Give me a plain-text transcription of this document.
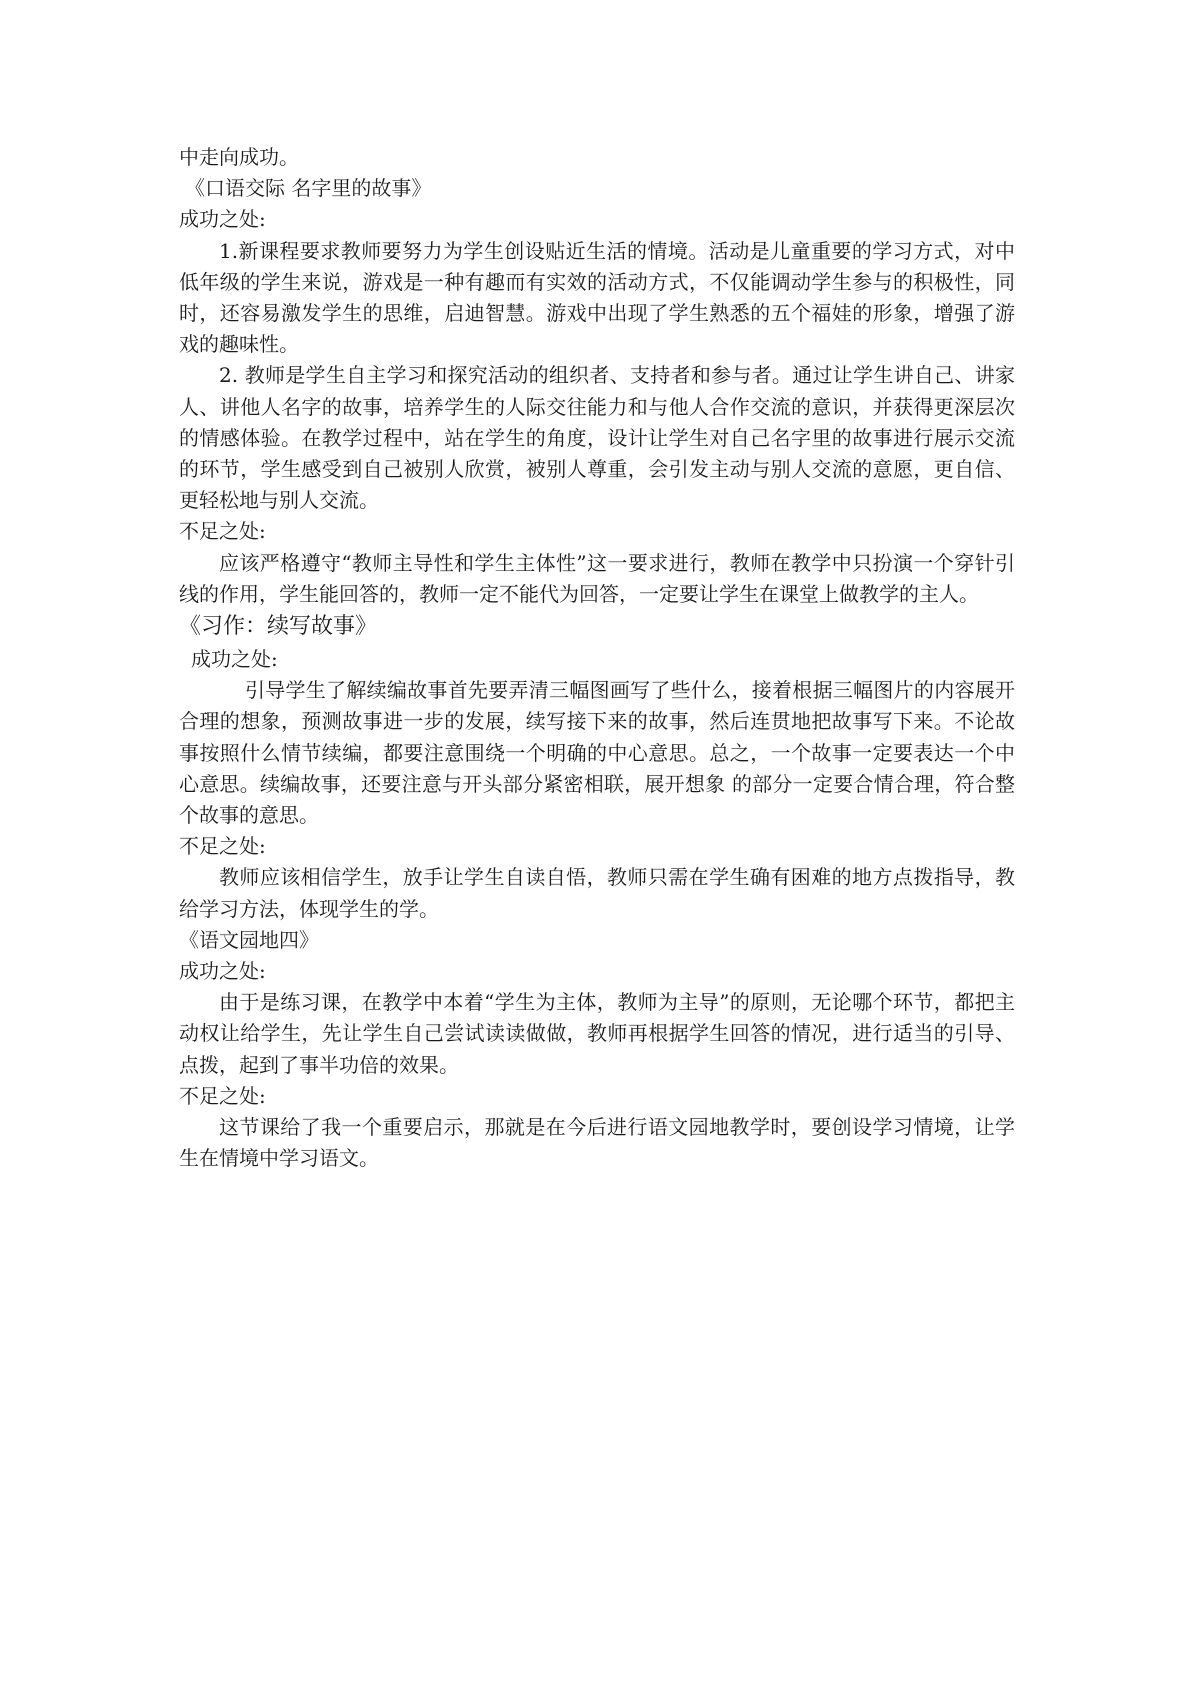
中走向成功。

《口语交际 名字里的故事》

成功之处:

1.新课程要求教师要努力为学生创设贴近生活的情境。活动是儿童重要的学习方式，对中低年级的学生来说，游戏是一种有趣而有实效的活动方式，不仅能调动学生参与的积极性，同时，还容易激发学生的思维，启迪智慧。游戏中出现了学生熟悉的五个福娃的形象，增强了游戏的趣味性。

2. 教师是学生自主学习和探究活动的组织者、支持者和参与者。通过让学生讲自己、讲家人、讲他人名字的故事，培养学生的人际交往能力和与他人合作交流的意识，并获得更深层次的情感体验。在教学过程中，站在学生的角度，设计让学生对自己名字里的故事进行展示交流的环节，学生感受到自己被别人欣赏，被别人尊重，会引发主动与别人交流的意愿，更自信、更轻松地与别人交流。

不足之处:

应该严格遵守“教师主导性和学生主体性”这一要求进行，教师在教学中只扮演一个穿针引线的作用，学生能回答的，教师一定不能代为回答，一定要让学生在课堂上做教学的主人。

《习作：续写故事》

成功之处:

引导学生了解续编故事首先要弄清三幅图画写了些什么，接着根据三幅图片的内容展开合理的想象，预测故事进一步的发展，续写接下来的故事，然后连贯地把故事写下来。不论故事按照什么情节续编，都要注意围绕一个明确的中心意思。总之，一个故事一定要表达一个中心意思。续编故事，还要注意与开头部分紧密相联，展开想象 的部分一定要合情合理，符合整个故事的意思。

不足之处:

教师应该相信学生，放手让学生自读自悟，教师只需在学生确有困难的地方点拨指导，教给学习方法，体现学生的学。

《语文园地四》

成功之处:

由于是练习课，在教学中本着“学生为主体，教师为主导”的原则，无论哪个环节，都把主动权让给学生，先让学生自己尝试读读做做，教师再根据学生回答的情况，进行适当的引导、点拨，起到了事半功倍的效果。

不足之处:

这节课给了我一个重要启示，那就是在今后进行语文园地教学时，要创设学习情境，让学生在情境中学习语文。
